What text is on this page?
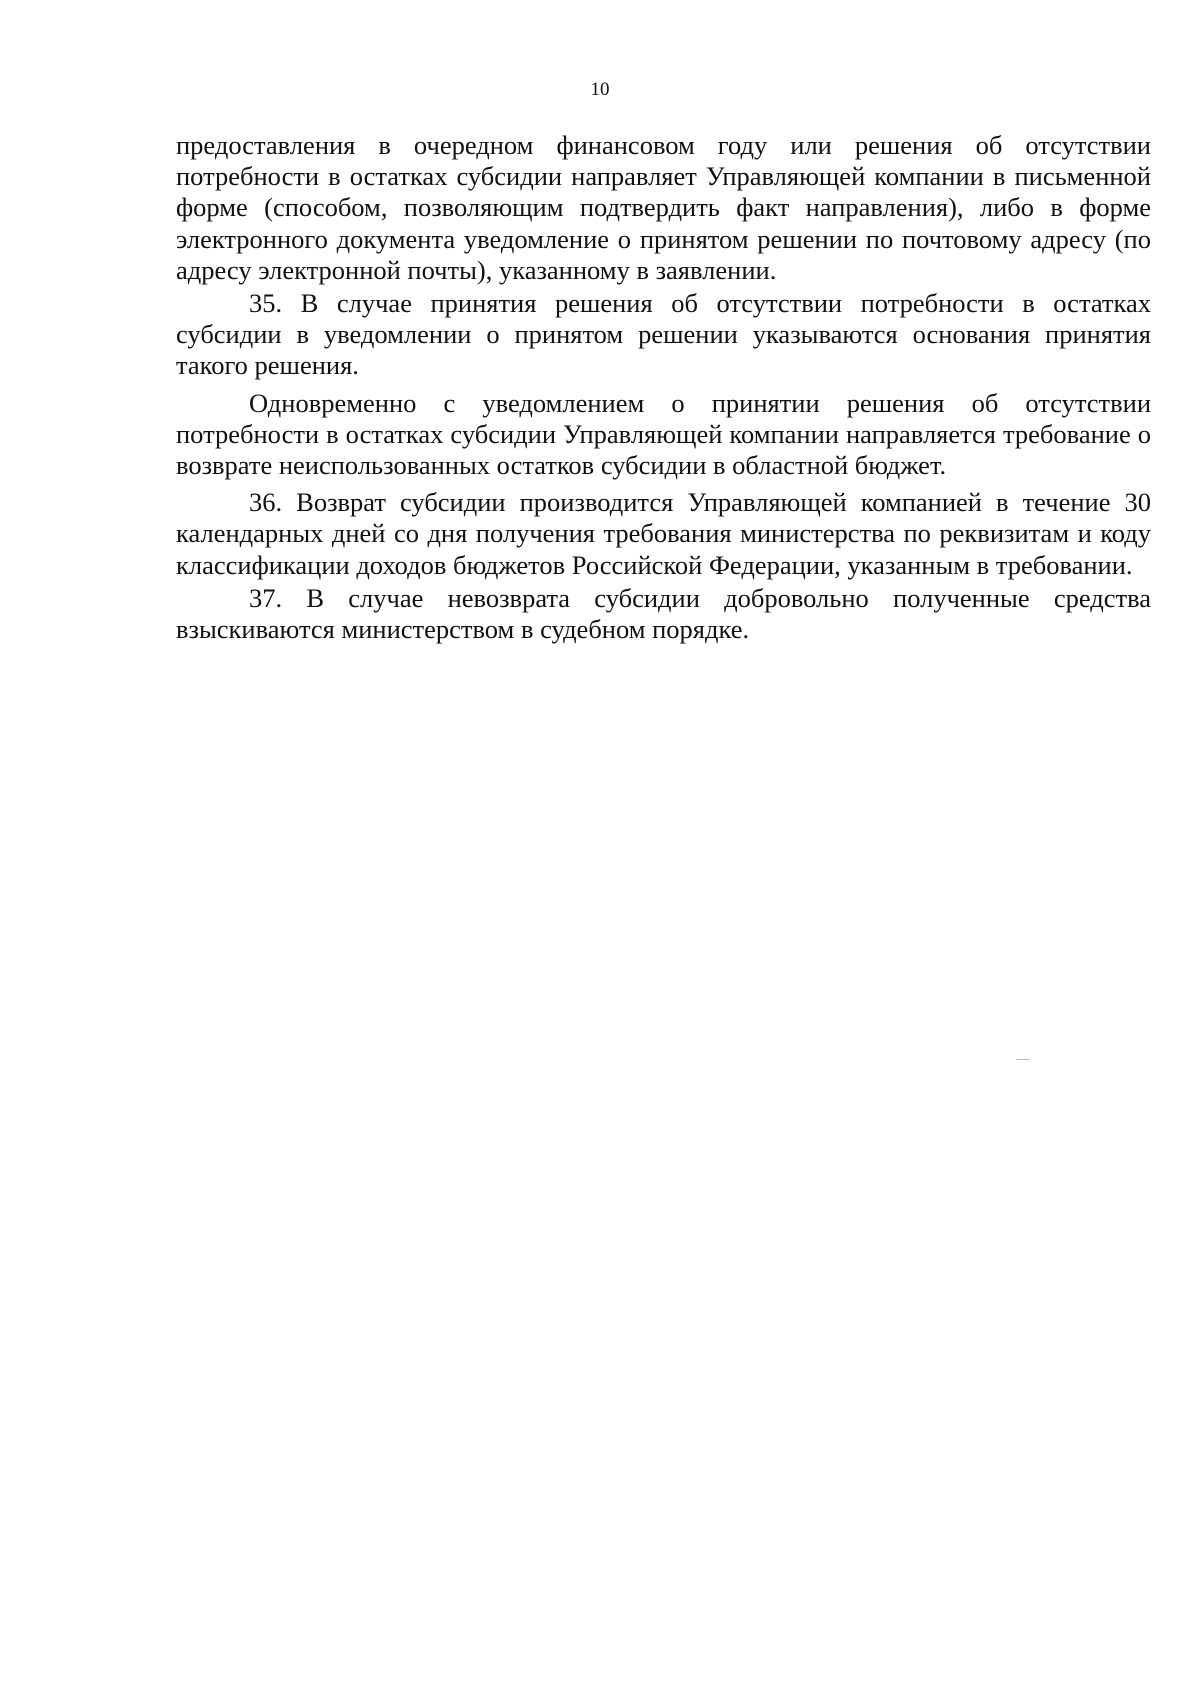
10

предоставления в очередном финансовом году или решения об отсутствии потребности в остатках субсидии направляет Управляющей компании в письменной форме (способом, позволяющим подтвердить факт направления), либо в форме электронного документа уведомление о принятом решении по почтовому адресу (по адресу электронной почты), указанному в заявлении.

35. В случае принятия решения об отсутствии потребности в остатках субсидии в уведомлении о принятом решении указываются основания принятия такого решения.

Одновременно с уведомлением о принятии решения об отсутствии потребности в остатках субсидии Управляющей компании направляется требование о возврате неиспользованных остатков субсидии в областной бюджет.

36. Возврат субсидии производится Управляющей компанией в течение 30 календарных дней со дня получения требования министерства по реквизитам и коду классификации доходов бюджетов Российской Федерации, указанным в требовании.

37. В случае невозврата субсидии добровольно полученные средства взыскиваются министерством в судебном порядке.
